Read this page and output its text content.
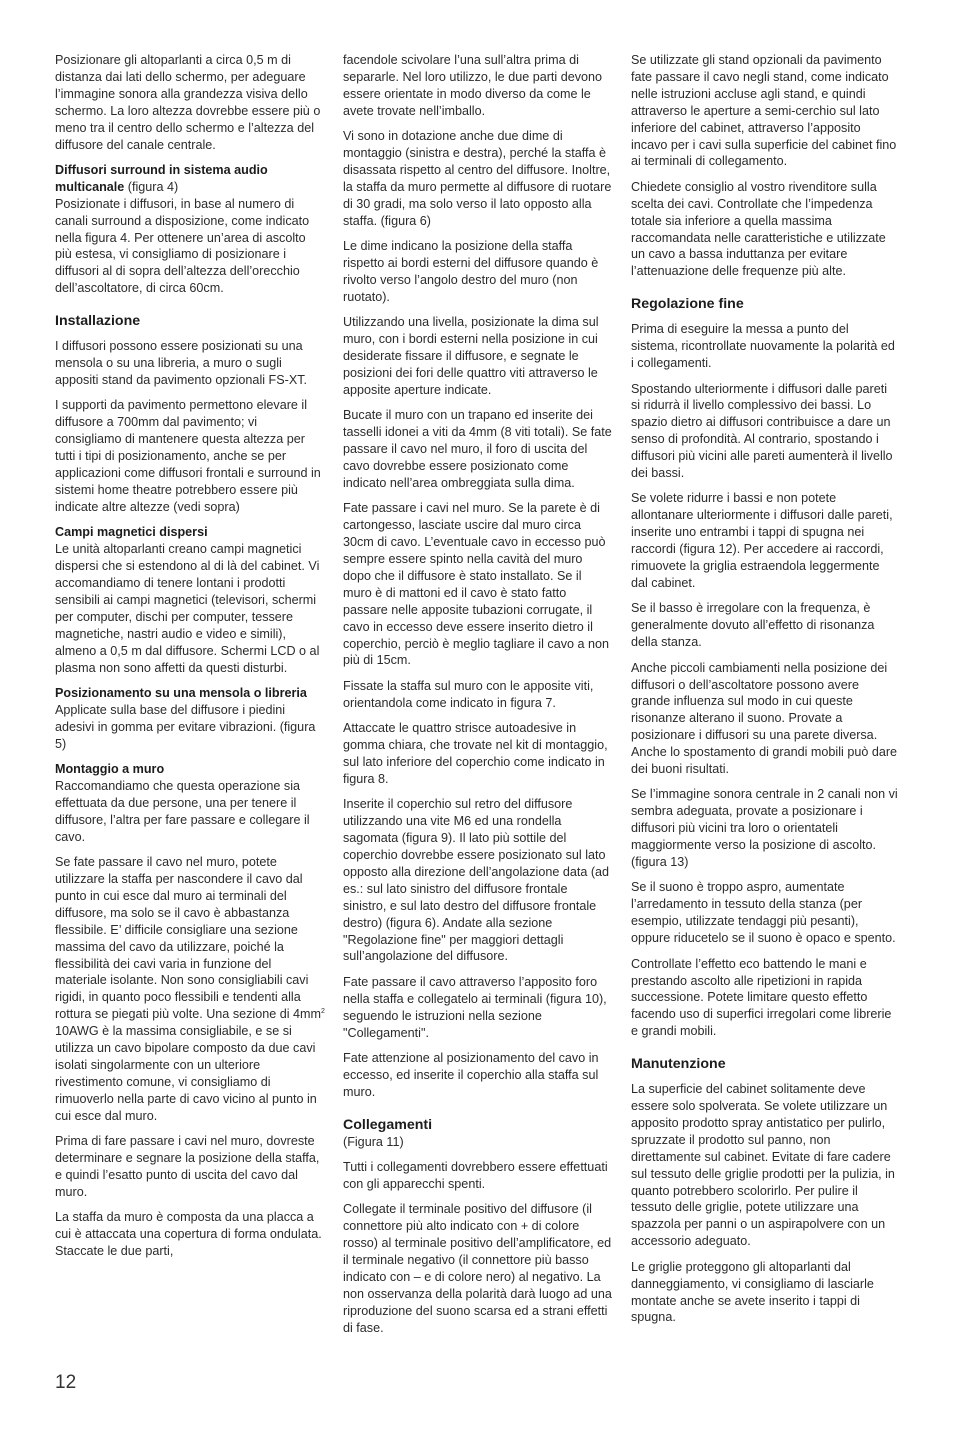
Posizionare gli altoparlanti a circa 0,5 m di distanza dai lati dello schermo, per adeguare l’immagine sonora alla grandezza visiva dello schermo. La loro altezza dovrebbe essere più o meno tra il centro dello schermo e l’altezza del diffusore del canale centrale.

Diffusori surround in sistema audio multicanale (figura 4)
Posizionate i diffusori, in base al numero di canali surround a disposizione, come indicato nella figura 4. Per ottenere un’area di ascolto più estesa, vi consigliamo di posizionare i diffusori al di sopra dell’altezza dell’orecchio dell’ascoltatore, di circa 60cm.
Installazione

I diffusori possono essere posizionati su una mensola o su una libreria, a muro o sugli appositi stand da pavimento opzionali FS-XT.

I supporti da pavimento permettono elevare il diffusore a 700mm dal pavimento; vi consigliamo di mantenere questa altezza per tutti i tipi di posizionamento, anche se per applicazioni come diffusori frontali e surround in sistemi home theatre potrebbero essere più indicate altre altezze (vedi sopra)

Campi magnetici dispersi
Le unità altoparlanti creano campi magnetici dispersi che si estendono al di là del cabinet. Vi accomandiamo di tenere lontani i prodotti sensibili ai campi magnetici (televisori, schermi per computer, dischi per computer, tessere magnetiche, nastri audio e video e simili), almeno a 0,5 m dal diffusore. Schermi LCD o al plasma non sono affetti da questi disturbi.
Posizionamento su una mensola o libreria
Applicate sulla base del diffusore i piedini adesivi in gomma per evitare vibrazioni. (figura 5)
Montaggio a muro
Raccomandiamo che questa operazione sia effettuata da due persone, una per tenere il diffusore, l’altra per fare passare e collegare il cavo.

Se fate passare il cavo nel muro, potete utilizzare la staffa per nascondere il cavo dal punto in cui esce dal muro ai terminali del diffusore, ma solo se il cavo è abbastanza flessibile. E’ difficile consigliare una sezione massima del cavo da utilizzare, poiché la flessibilità dei cavi varia in funzione del materiale isolante. Non sono consigliabili cavi rigidi, in quanto poco flessibili e tendenti alla rottura se piegati più volte. Una sezione di $4mm^2$ 10AWG è la massima consigliabile, e se si utilizza un cavo bipolare composto da due cavi isolati singolarmente con un ulteriore rivestimento comune, vi consigliamo di rimuoverlo nella parte di cavo vicino al punto in cui esce dal muro.

Prima di fare passare i cavi nel muro, dovreste determinare e segnare la posizione della staffa, e quindi l’esatto punto di uscita del cavo dal muro.

La staffa da muro è composta da una placca a cui è attaccata una copertura di forma ondulata. Staccate le due parti,

facendole scivolare l’una sull’altra prima di separarle. Nel loro utilizzo, le due parti devono essere orientate in modo diverso da come le avete trovate nell’imballo.

Vi sono in dotazione anche due dime di montaggio (sinistra e destra), perché la staffa è disassata rispetto al centro del diffusore. Inoltre, la staffa da muro permette al diffusore di ruotare di 30 gradi, ma solo verso il lato opposto alla staffa. (figura 6)

Le dime indicano la posizione della staffa rispetto ai bordi esterni del diffusore quando è rivolto verso l’angolo destro del muro (non ruotato).

Utilizzando una livella, posizionate la dima sul muro, con i bordi esterni nella posizione in cui desiderate fissare il diffusore, e segnate le posizioni dei fori delle quattro viti attraverso le apposite aperture indicate.

Bucate il muro con un trapano ed inserite dei tasselli idonei a viti da 4mm (8 viti totali). Se fate passare il cavo nel muro, il foro di uscita del cavo dovrebbe essere posizionato come indicato nell’area ombreggiata sulla dima.

Fate passare i cavi nel muro. Se la parete è di cartongesso, lasciate uscire dal muro circa 30cm di cavo. L’eventuale cavo in eccesso può sempre essere spinto nella cavità del muro dopo che il diffusore è stato installato. Se il muro è di mattoni ed il cavo è stato fatto passare nelle apposite tubazioni corrugate, il cavo in eccesso deve essere inserito dietro il coperchio, perciò è meglio tagliare il cavo a non più di 15cm.

Fissate la staffa sul muro con le apposite viti, orientandola come indicato in figura 7.

Attaccate le quattro strisce autoadesive in gomma chiara, che trovate nel kit di montaggio, sul lato inferiore del coperchio come indicato in figura 8.

Inserite il coperchio sul retro del diffusore utilizzando una vite M6 ed una rondella sagomata (figura 9). Il lato più sottile del coperchio dovrebbe essere posizionato sul lato opposto alla direzione dell’angolazione data (ad es.: sul lato sinistro del diffusore frontale sinistro, e sul lato destro del diffusore frontale destro) (figura 6). Andate alla sezione "Regolazione fine" per maggiori dettagli sull’angolazione del diffusore.

Fate passare il cavo attraverso l’apposito foro nella staffa e collegatelo ai terminali (figura 10), seguendo le istruzioni nella sezione "Collegamenti".

Fate attenzione al posizionamento del cavo in eccesso, ed inserite il coperchio alla staffa sul muro.

Collegamenti

(Figura 11)

Tutti i collegamenti dovrebbero essere effettuati con gli apparecchi spenti.

Collegate il terminale positivo del diffusore (il connettore più alto indicato con + di colore rosso) al terminale positivo dell’amplificatore, ed il terminale negativo (il connettore più basso indicato con – e di colore nero) al negativo. La non osservanza della polarità darà luogo ad una riproduzione del suono scarsa ed a strani effetti di fase.

Se utilizzate gli stand opzionali da pavimento fate passare il cavo negli stand, come indicato nelle istruzioni accluse agli stand, e quindi attraverso le aperture a semi-cerchio sul lato inferiore del cabinet, attraverso l’apposito incavo per i cavi sulla superficie del cabinet fino ai terminali di collegamento.

Chiedete consiglio al vostro rivenditore sulla scelta dei cavi. Controllate che l’impedenza totale sia inferiore a quella massima raccomandata nelle caratteristiche e utilizzate un cavo a bassa induttanza per evitare l’attenuazione delle frequenze più alte.

Regolazione fine

Prima di eseguire la messa a punto del sistema, ricontrollate nuovamente la polarità ed i collegamenti.

Spostando ulteriormente i diffusori dalle pareti si ridurrà il livello complessivo dei bassi. Lo spazio dietro ai diffusori contribuisce a dare un senso di profondità. Al contrario, spostando i diffusori più vicini alle pareti aumenterà il livello dei bassi.

Se volete ridurre i bassi e non potete allontanare ulteriormente i diffusori dalle pareti, inserite uno entrambi i tappi di spugna nei raccordi (figura 12). Per accedere ai raccordi, rimuovete la griglia estraendola leggermente dal cabinet.

Se il basso è irregolare con la frequenza, è generalmente dovuto all’effetto di risonanza della stanza.

Anche piccoli cambiamenti nella posizione dei diffusori o dell’ascoltatore possono avere grande influenza sul modo in cui queste risonanze alterano il suono. Provate a posizionare i diffusori su una parete diversa. Anche lo spostamento di grandi mobili può dare dei buoni risultati.

Se l’immagine sonora centrale in 2 canali non vi sembra adeguata, provate a posizionare i diffusori più vicini tra loro o orientateli maggiormente verso la posizione di ascolto. (figura 13)

Se il suono è troppo aspro, aumentate l’arredamento in tessuto della stanza (per esempio, utilizzate tendaggi più pesanti), oppure riducetelo se il suono è opaco e spento.

Controllate l’effetto eco battendo le mani e prestando ascolto alle ripetizioni in rapida successione. Potete limitare questo effetto facendo uso di superfici irregolari come librerie e grandi mobili.

Manutenzione

La superficie del cabinet solitamente deve essere solo spolverata. Se volete utilizzare un apposito prodotto spray antistatico per pulirlo, spruzzate il prodotto sul panno, non direttamente sul cabinet. Evitate di fare cadere sul tessuto delle griglie prodotti per la pulizia, in quanto potrebbero scolorirlo. Per pulire il tessuto delle griglie, potete utilizzare una spazzola per panni o un aspirapolvere con un accessorio adeguato.

Le griglie proteggono gli altoparlanti dal danneggiamento, vi consigliamo di lasciarle montate anche se avete inserito i tappi di spugna.

12
